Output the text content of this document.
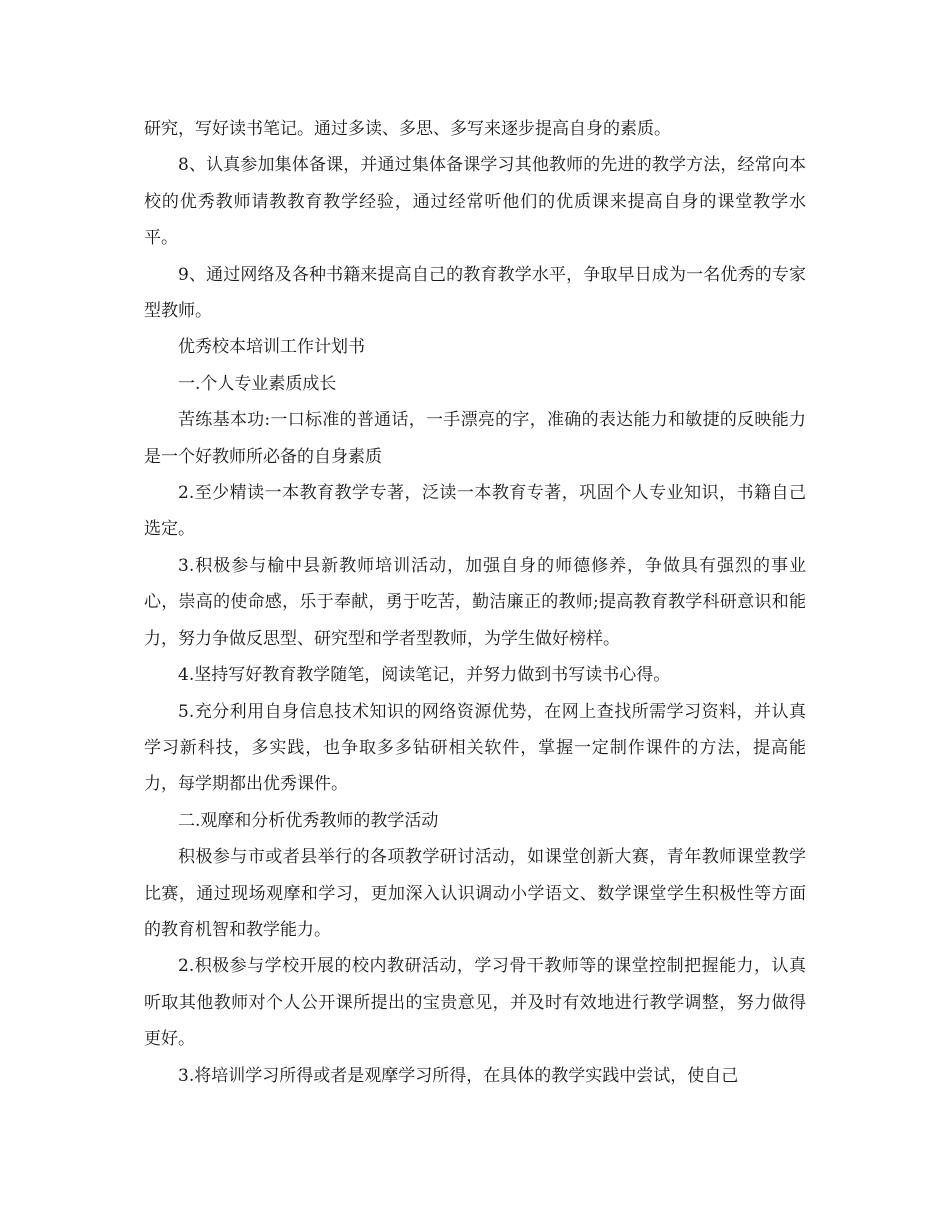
研究，写好读书笔记。通过多读、多思、多写来逐步提高自身的素质。

8、认真参加集体备课，并通过集体备课学习其他教师的先进的教学方法，经常向本校的优秀教师请教教育教学经验，通过经常听他们的优质课来提高自身的课堂教学水平。

9、通过网络及各种书籍来提高自己的教育教学水平，争取早日成为一名优秀的专家型教师。

优秀校本培训工作计划书

一.个人专业素质成长

苦练基本功:一口标准的普通话，一手漂亮的字，准确的表达能力和敏捷的反映能力是一个好教师所必备的自身素质

2.至少精读一本教育教学专著，泛读一本教育专著，巩固个人专业知识，书籍自己选定。

3.积极参与榆中县新教师培训活动，加强自身的师德修养，争做具有强烈的事业心，崇高的使命感，乐于奉献，勇于吃苦，勤洁廉正的教师;提高教育教学科研意识和能力，努力争做反思型、研究型和学者型教师，为学生做好榜样。

4.坚持写好教育教学随笔，阅读笔记，并努力做到书写读书心得。

5.充分利用自身信息技术知识的网络资源优势，在网上查找所需学习资料，并认真学习新科技，多实践，也争取多多钻研相关软件，掌握一定制作课件的方法，提高能力，每学期都出优秀课件。

二.观摩和分析优秀教师的教学活动

积极参与市或者县举行的各项教学研讨活动，如课堂创新大赛，青年教师课堂教学比赛，通过现场观摩和学习，更加深入认识调动小学语文、数学课堂学生积极性等方面的教育机智和教学能力。

2.积极参与学校开展的校内教研活动，学习骨干教师等的课堂控制把握能力，认真听取其他教师对个人公开课所提出的宝贵意见，并及时有效地进行教学调整，努力做得更好。

3.将培训学习所得或者是观摩学习所得，在具体的教学实践中尝试，使自己
